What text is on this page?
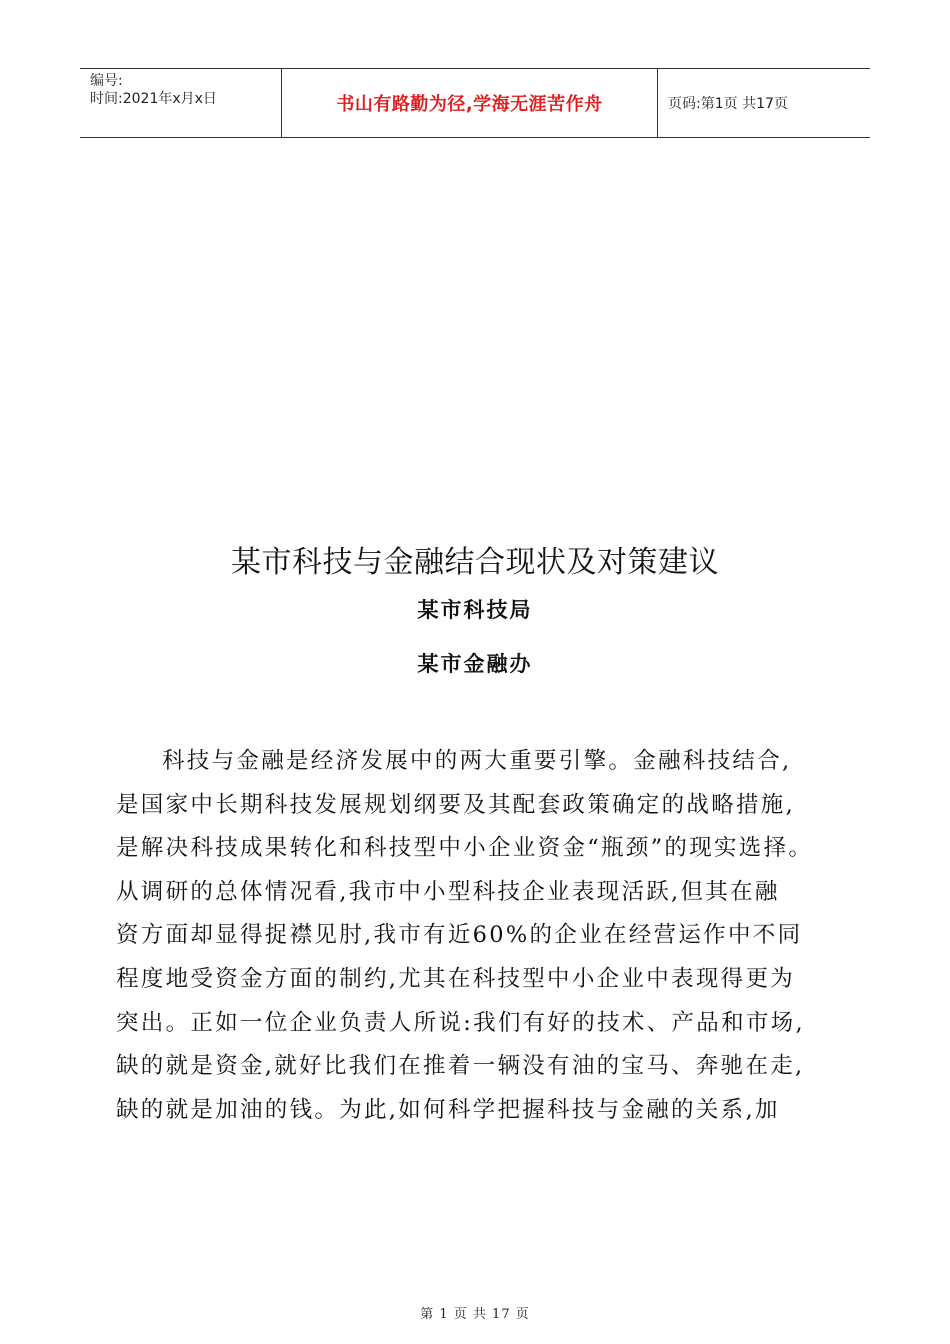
编号:
时间:2021年x月x日	书山有路勤为径,学海无涯苦作舟	页码:第1页 共17页
某市科技与金融结合现状及对策建议
某市科技局
某市金融办
科技与金融是经济发展中的两大重要引擎。金融科技结合,
是国家中长期科技发展规划纲要及其配套政策确定的战略措施,
是解决科技成果转化和科技型中小企业资金“瓶颈”的现实选择。
从调研的总体情况看,我市中小型科技企业表现活跃,但其在融
资方面却显得捉襟见肘,我市有近60%的企业在经营运作中不同
程度地受资金方面的制约,尤其在科技型中小企业中表现得更为
突出。正如一位企业负责人所说:我们有好的技术、产品和市场,
缺的就是资金,就好比我们在推着一辆没有油的宝马、奔驰在走,
缺的就是加油的钱。为此,如何科学把握科技与金融的关系,加
第 1 页 共 17 页
